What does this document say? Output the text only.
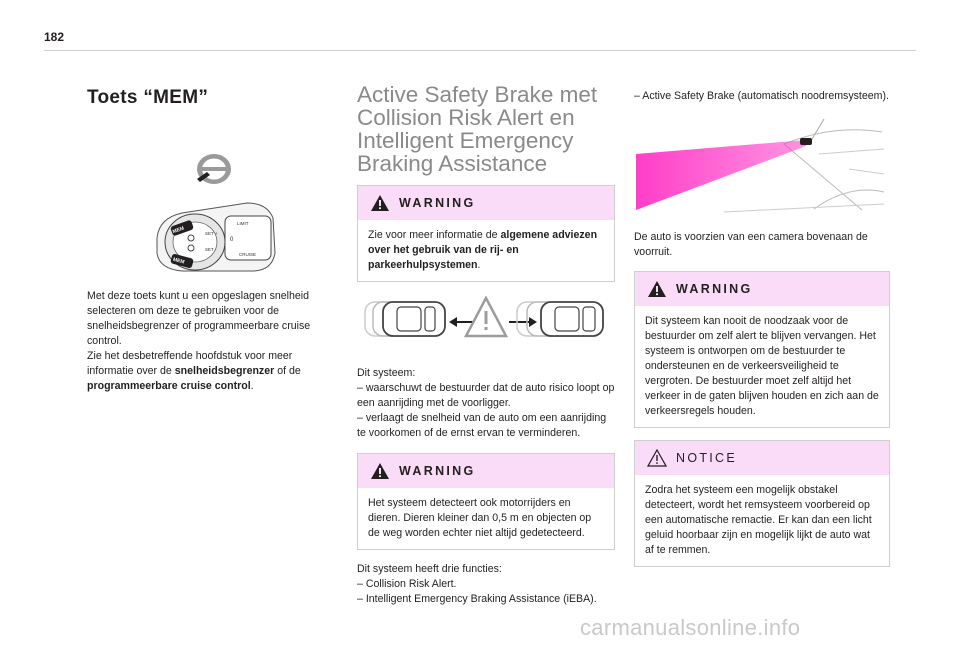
182
Toets “MEM”
MEM
MEM
LIMIT
CRUISE
SET +
SET -
0

Met deze toets kunt u een opgeslagen snelheid selecteren om deze te gebruiken voor de snelheidsbegrenzer of programmeerbare cruise control.
Zie het desbetreffende hoofdstuk voor meer informatie over de snelheidsbegrenzer of de programmeerbare cruise control.

Active Safety Brake met Collision Risk Alert en Intelligent Emergency Braking Assistance
WARNING

Zie voor meer informatie de algemene adviezen over het gebruik van de rij- en parkeerhulpsystemen.

Dit systeem:

– waarschuwt de bestuurder dat de auto risico loopt op een aanrijding met de voorligger.

– verlaagt de snelheid van de auto om een aanrijding te voorkomen of de ernst ervan te verminderen.

WARNING

Het systeem detecteert ook motorrijders en dieren. Dieren kleiner dan 0,5 m en objecten op de weg worden echter niet altijd gedetecteerd.

Dit systeem heeft drie functies:

– Collision Risk Alert.

– Intelligent Emergency Braking Assistance (iEBA).

– Active Safety Brake (automatisch noodremsysteem).

De auto is voorzien van een camera bovenaan de voorruit.

WARNING

Dit systeem kan nooit de noodzaak voor de bestuurder om zelf alert te blijven vervangen. Het systeem is ontworpen om de bestuurder te ondersteunen en de verkeersveiligheid te vergroten. De bestuurder moet zelf altijd het verkeer in de gaten blijven houden en zich aan de verkeersregels houden.

NOTICE

Zodra het systeem een mogelijk obstakel detecteert, wordt het remsysteem voorbereid op een automatische remactie. Er kan dan een licht geluid hoorbaar zijn en mogelijk lijkt de auto wat af te remmen.

carmanualsonline.info
